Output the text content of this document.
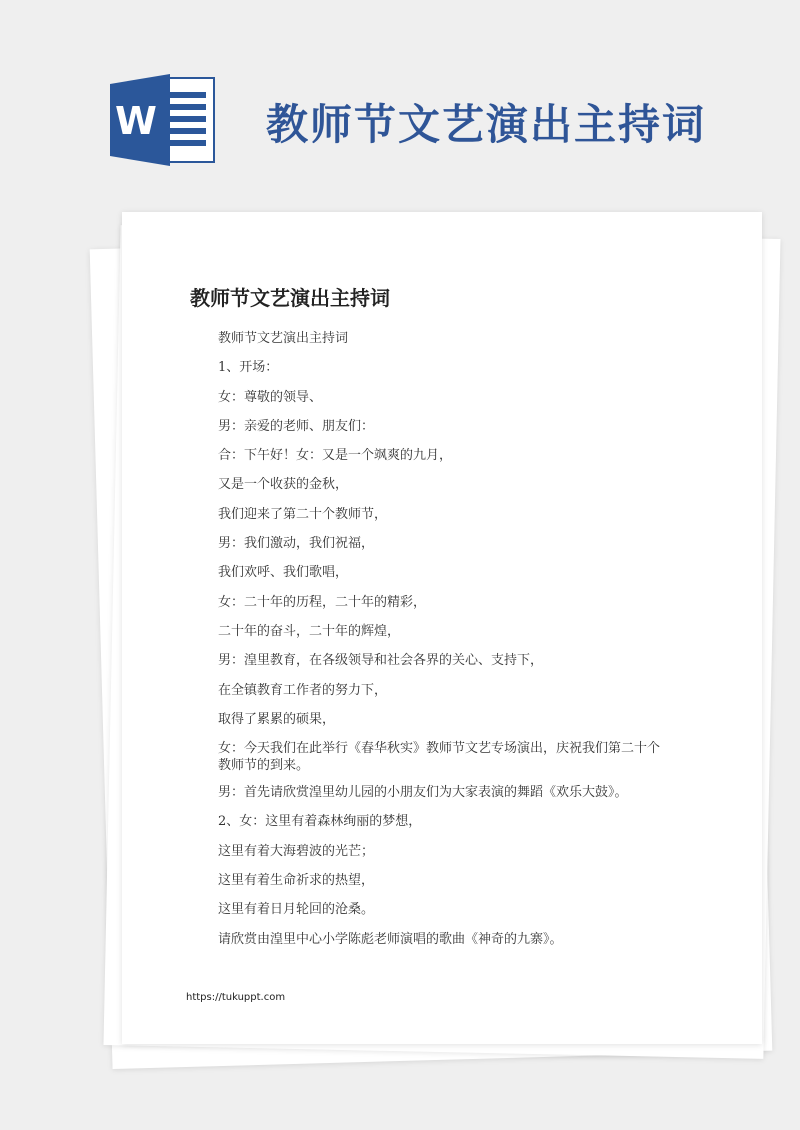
W	教师节文艺演出主持词
教师节文艺演出主持词
教师节文艺演出主持词
1、开场：
女：尊敬的领导、
男：亲爱的老师、朋友们：
合：下午好！女：又是一个飒爽的九月，
又是一个收获的金秋，
我们迎来了第二十个教师节，
男：我们激动，我们祝福，
我们欢呼、我们歌唱，
女：二十年的历程，二十年的精彩，
二十年的奋斗，二十年的辉煌，
男：湟里教育，在各级领导和社会各界的关心、支持下，
在全镇教育工作者的努力下，
取得了累累的硕果，
女：今天我们在此举行《春华秋实》教师节文艺专场演出，庆祝我们第二十个教师节的到来。
男：首先请欣赏湟里幼儿园的小朋友们为大家表演的舞蹈《欢乐大鼓》。
2、女：这里有着森林绚丽的梦想，
这里有着大海碧波的光芒；
这里有着生命祈求的热望，
这里有着日月轮回的沧桑。
请欣赏由湟里中心小学陈彪老师演唱的歌曲《神奇的九寨》。
https://tukuppt.com
